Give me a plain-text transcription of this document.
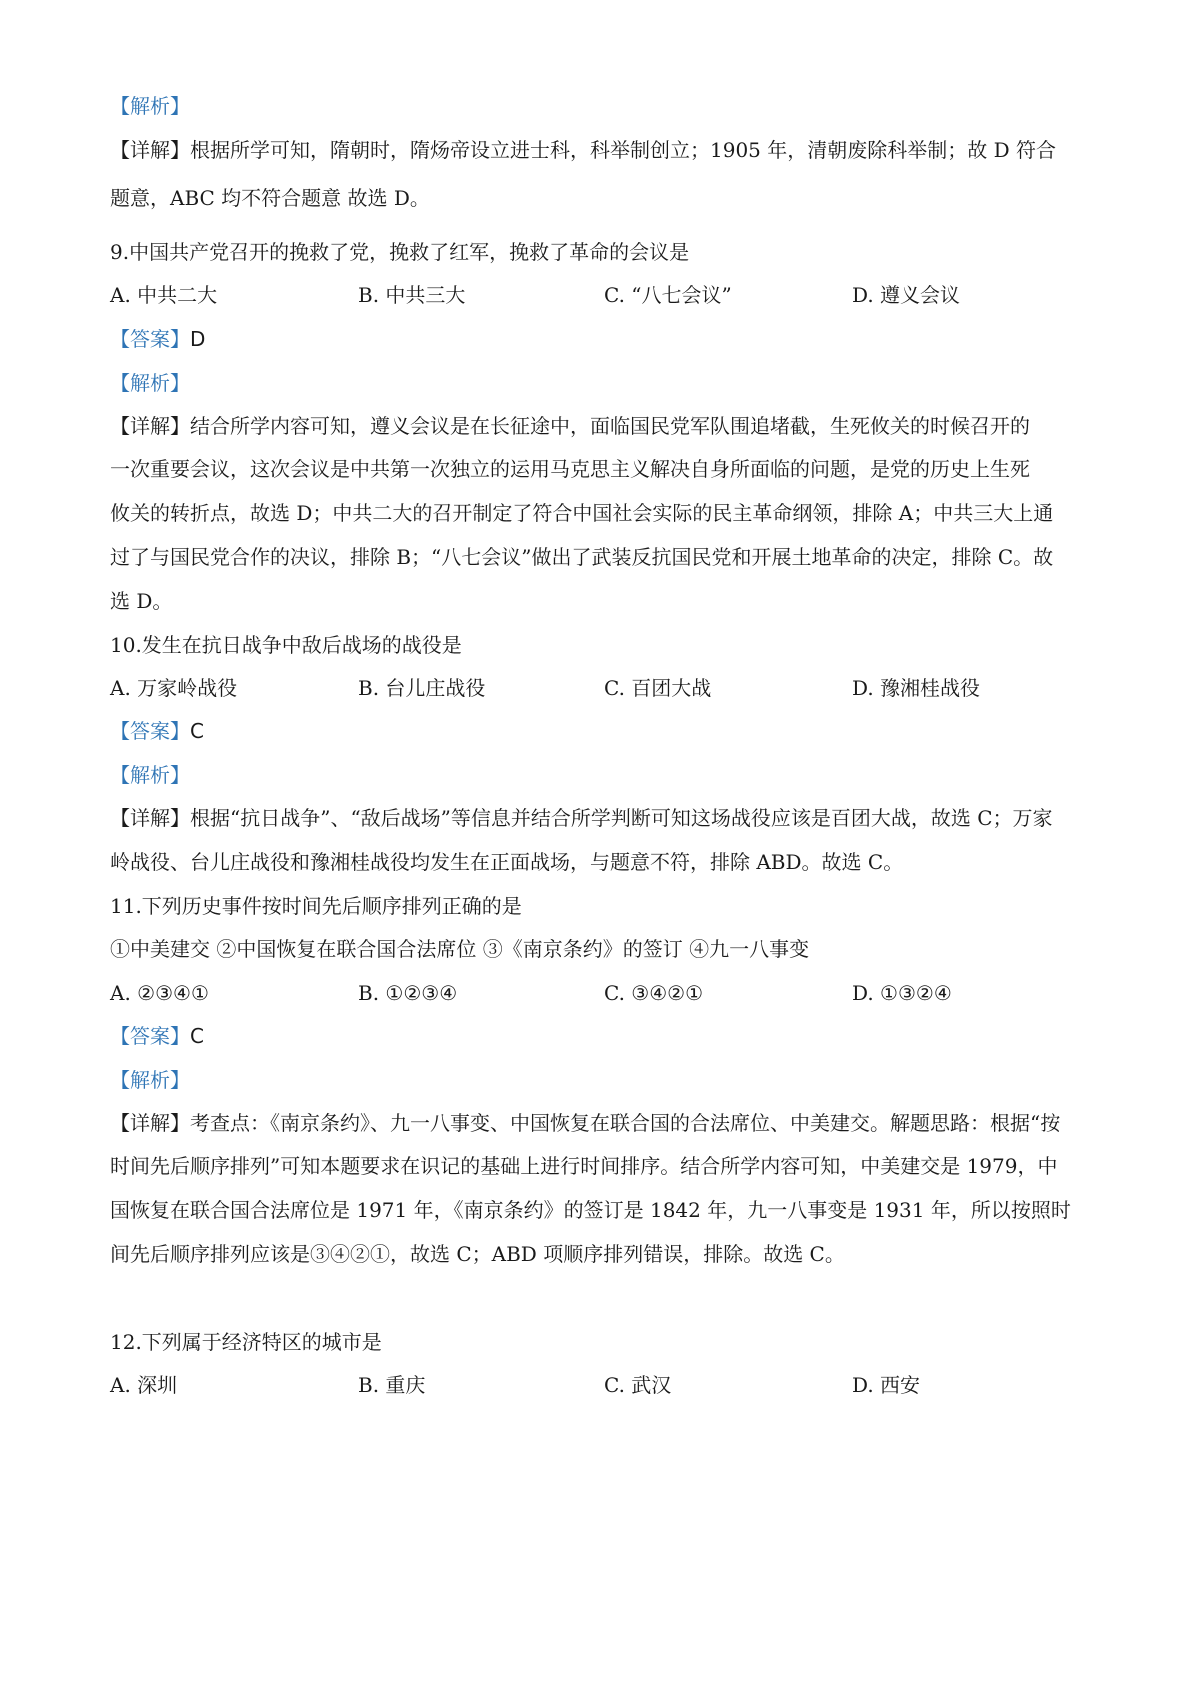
【解析】
【详解】根据所学可知，隋朝时，隋炀帝设立进士科，科举制创立；1905 年，清朝废除科举制；故 D 符合
题意，ABC 均不符合题意 故选 D。
9.中国共产党召开的挽救了党，挽救了红军，挽救了革命的会议是
A. 中共二大	B. 中共三大	C. “八七会议”	D. 遵义会议
【答案】D
【解析】
【详解】结合所学内容可知，遵义会议是在长征途中，面临国民党军队围追堵截，生死攸关的时候召开的
一次重要会议，这次会议是中共第一次独立的运用马克思主义解决自身所面临的问题，是党的历史上生死
攸关的转折点，故选 D；中共二大的召开制定了符合中国社会实际的民主革命纲领，排除 A；中共三大上通
过了与国民党合作的决议，排除 B；“八七会议”做出了武装反抗国民党和开展土地革命的决定，排除 C。故
选 D。
10.发生在抗日战争中敌后战场的战役是
A. 万家岭战役	B. 台儿庄战役	C. 百团大战	D. 豫湘桂战役
【答案】C
【解析】
【详解】根据“抗日战争”、“敌后战场”等信息并结合所学判断可知这场战役应该是百团大战，故选 C；万家
岭战役、台儿庄战役和豫湘桂战役均发生在正面战场，与题意不符，排除 ABD。故选 C。
11.下列历史事件按时间先后顺序排列正确的是
①中美建交 ②中国恢复在联合国合法席位 ③《南京条约》的签订 ④九一八事变
A. ②③④①	B. ①②③④	C. ③④②①	D. ①③②④
【答案】C
【解析】
【详解】考查点：《南京条约》、九一八事变、中国恢复在联合国的合法席位、中美建交。解题思路：根据“按
时间先后顺序排列”可知本题要求在识记的基础上进行时间排序。结合所学内容可知，中美建交是 1979，中
国恢复在联合国合法席位是 1971 年，《南京条约》的签订是 1842 年，九一八事变是 1931 年，所以按照时
间先后顺序排列应该是③④②①，故选 C；ABD 项顺序排列错误，排除。故选 C。
12.下列属于经济特区的城市是
A. 深圳	B. 重庆	C. 武汉	D. 西安
